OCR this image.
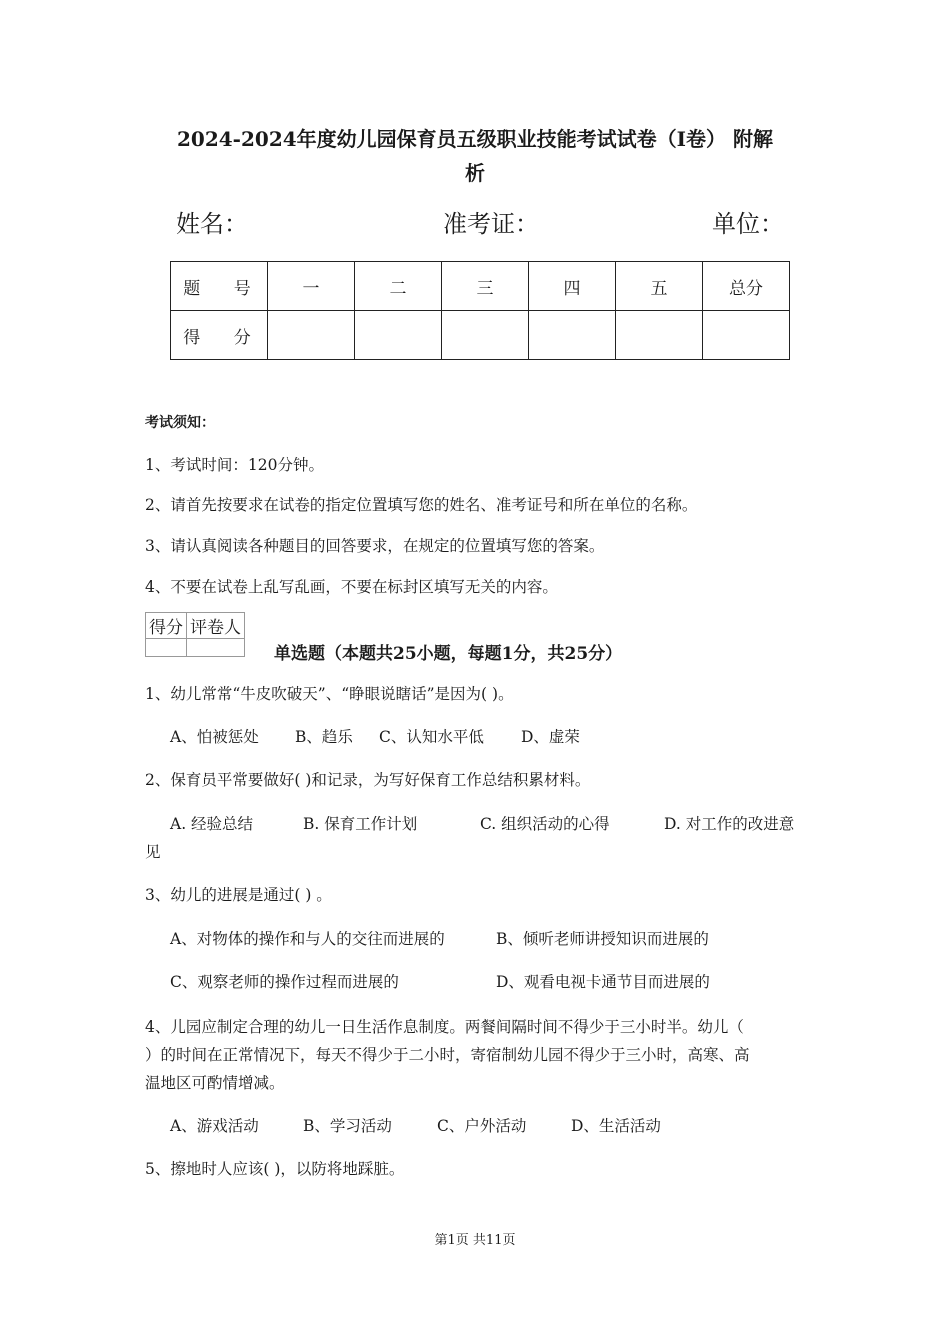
2024-2024年度幼儿园保育员五级职业技能考试试卷（I卷） 附解
析
姓名：	准考证：	单位：
题 号	一	二	三	四	五	总分
得 分						
考试须知：
1、考试时间：120分钟。
2、请首先按要求在试卷的指定位置填写您的姓名、准考证号和所在单位的名称。
3、请认真阅读各种题目的回答要求，在规定的位置填写您的答案。
4、不要在试卷上乱写乱画，不要在标封区填写无关的内容。
得分	评卷人

单选题（本题共25小题，每题1分，共25分）
1、幼儿常常“牛皮吹破天”、“睁眼说瞎话”是因为( )。
A、怕被惩处 B、趋乐 C、认知水平低 D、虚荣
2、保育员平常要做好( )和记录，为写好保育工作总结积累材料。
A. 经验总结	B. 保育工作计划	C. 组织活动的心得	D. 对工作的改进意
见
3、幼儿的进展是通过( ) 。
A、对物体的操作和与人的交往而进展的	B、倾听老师讲授知识而进展的
C、观察老师的操作过程而进展的	D、观看电视卡通节目而进展的
4、儿园应制定合理的幼儿一日生活作息制度。两餐间隔时间不得少于三小时半。幼儿（
）的时间在正常情况下，每天不得少于二小时，寄宿制幼儿园不得少于三小时，高寒、高
温地区可酌情增减。
A、游戏活动	B、学习活动	C、户外活动	D、生活活动
5、擦地时人应该( )，以防将地踩脏。
第1页 共11页
